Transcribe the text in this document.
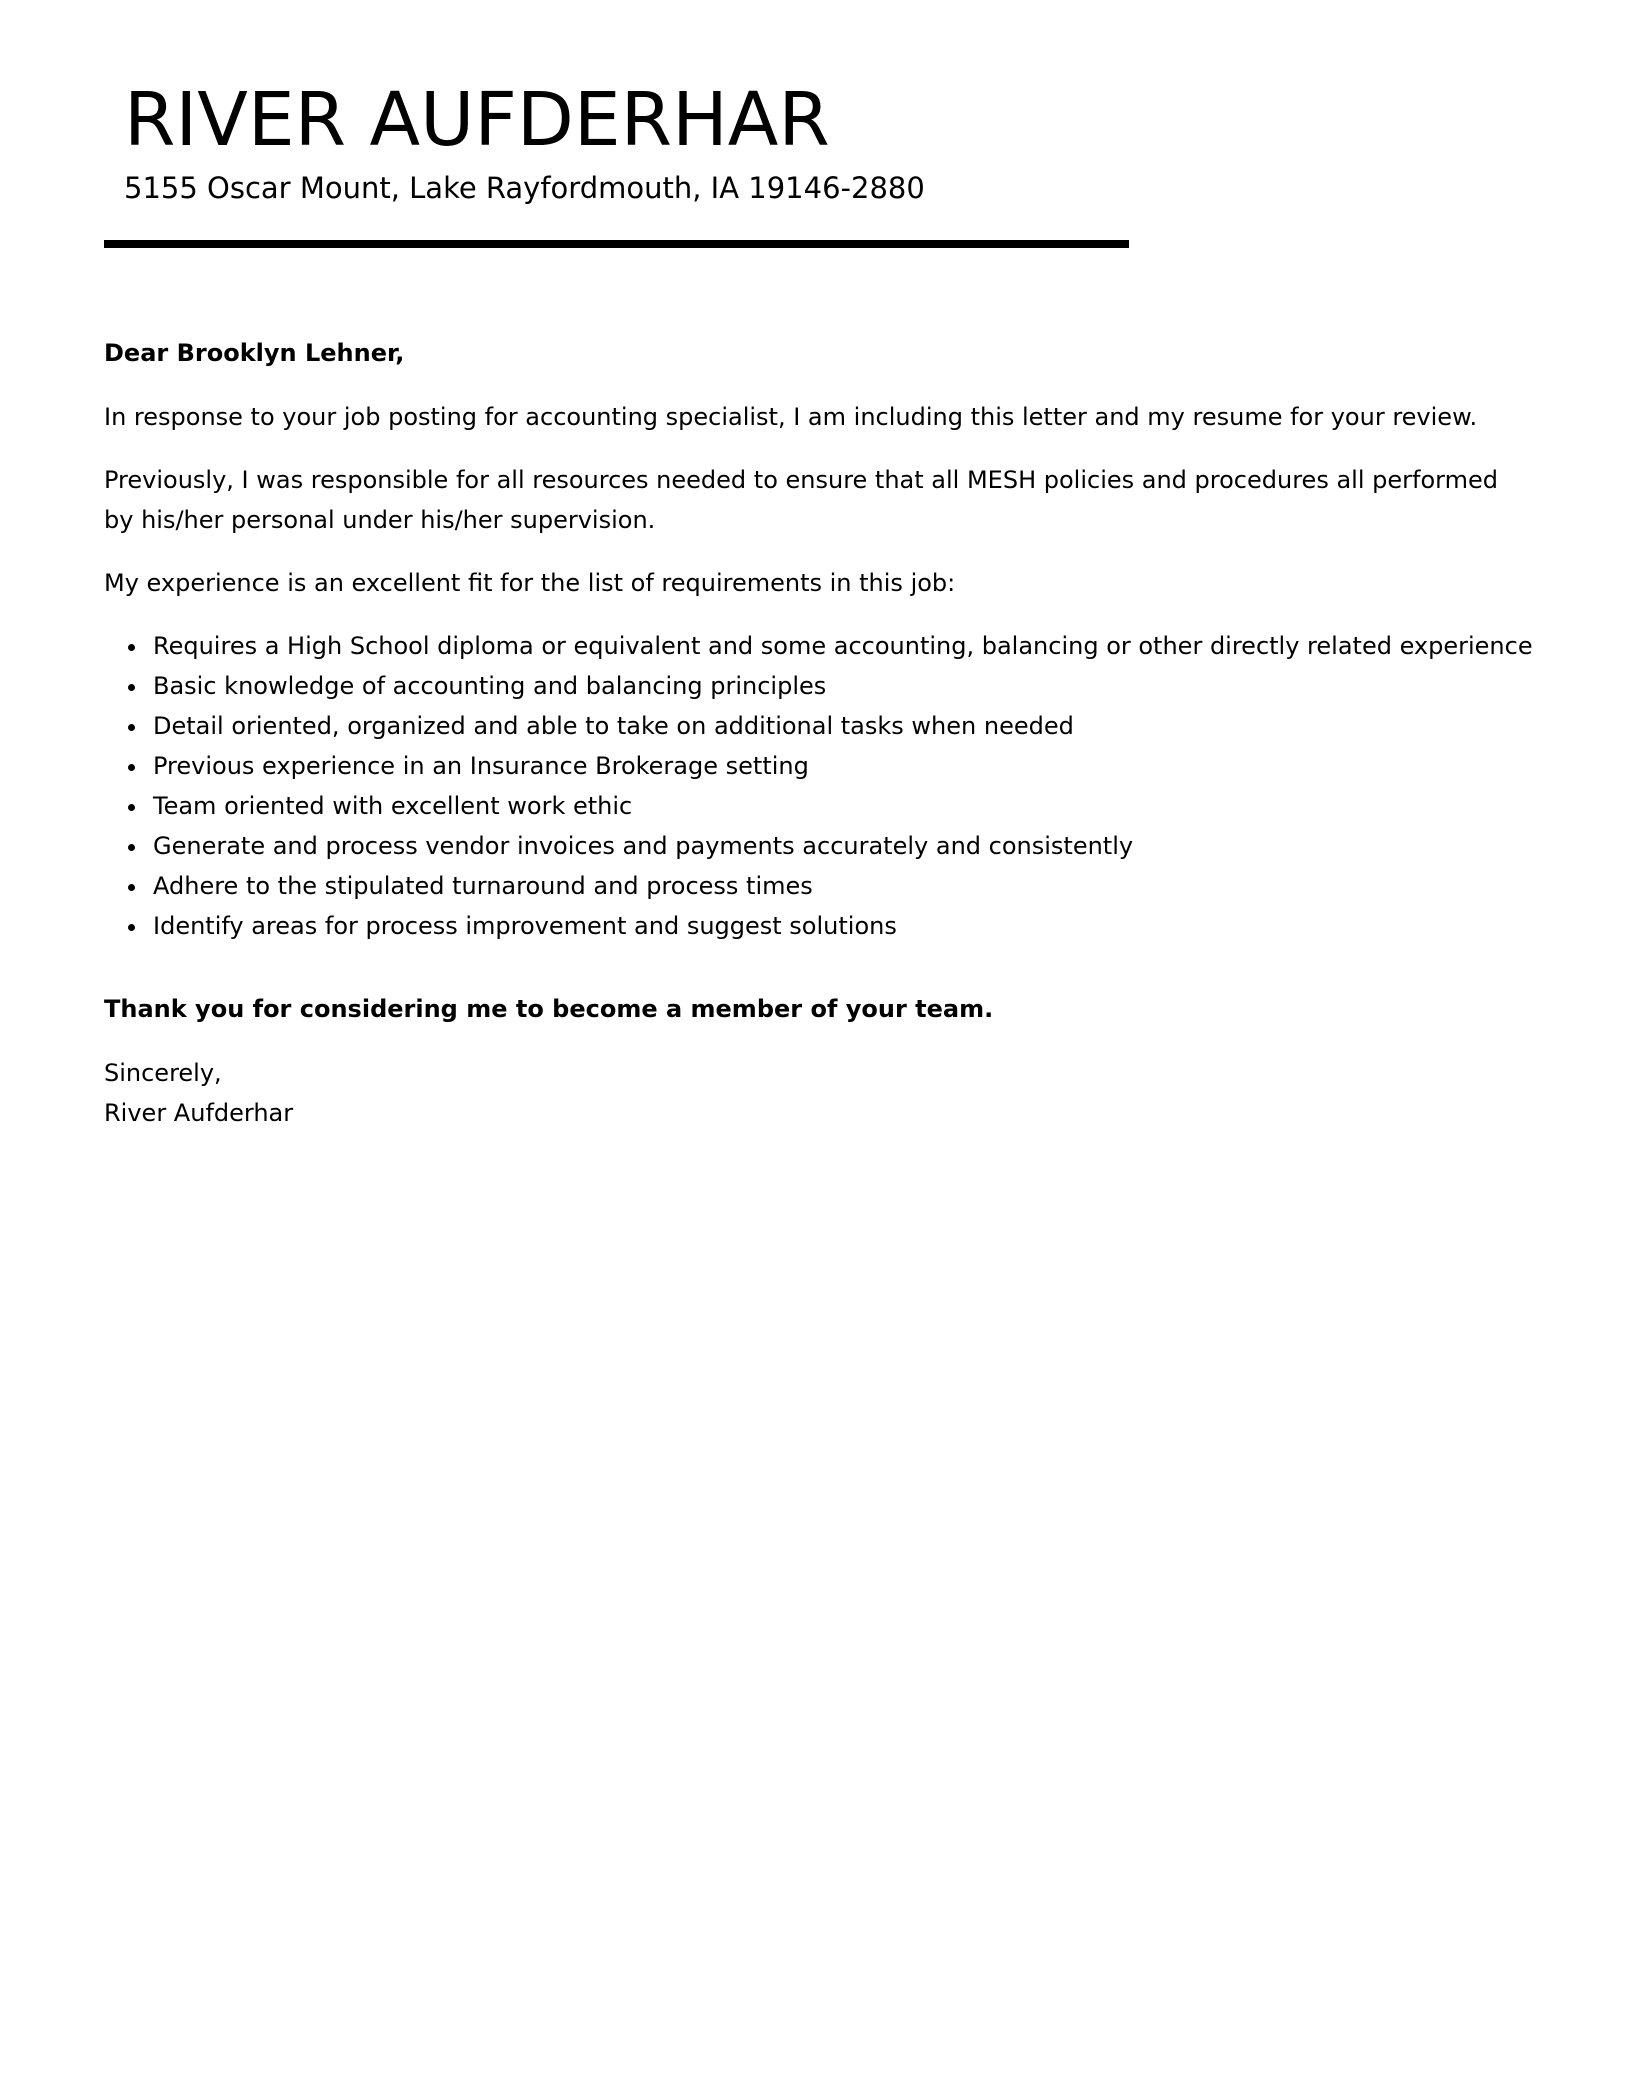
RIVER AUFDERHAR

5155 Oscar Mount, Lake Rayfordmouth, IA 19146-2880

Dear Brooklyn Lehner,

In response to your job posting for accounting specialist, I am including this letter and my resume for your review.

Previously, I was responsible for all resources needed to ensure that all MESH policies and procedures all performed by his/her personal under his/her supervision.

My experience is an excellent fit for the list of requirements in this job:

Requires a High School diploma or equivalent and some accounting, balancing or other directly related experience
Basic knowledge of accounting and balancing principles
Detail oriented, organized and able to take on additional tasks when needed
Previous experience in an Insurance Brokerage setting
Team oriented with excellent work ethic
Generate and process vendor invoices and payments accurately and consistently
Adhere to the stipulated turnaround and process times
Identify areas for process improvement and suggest solutions

Thank you for considering me to become a member of your team.

Sincerely,

River Aufderhar
